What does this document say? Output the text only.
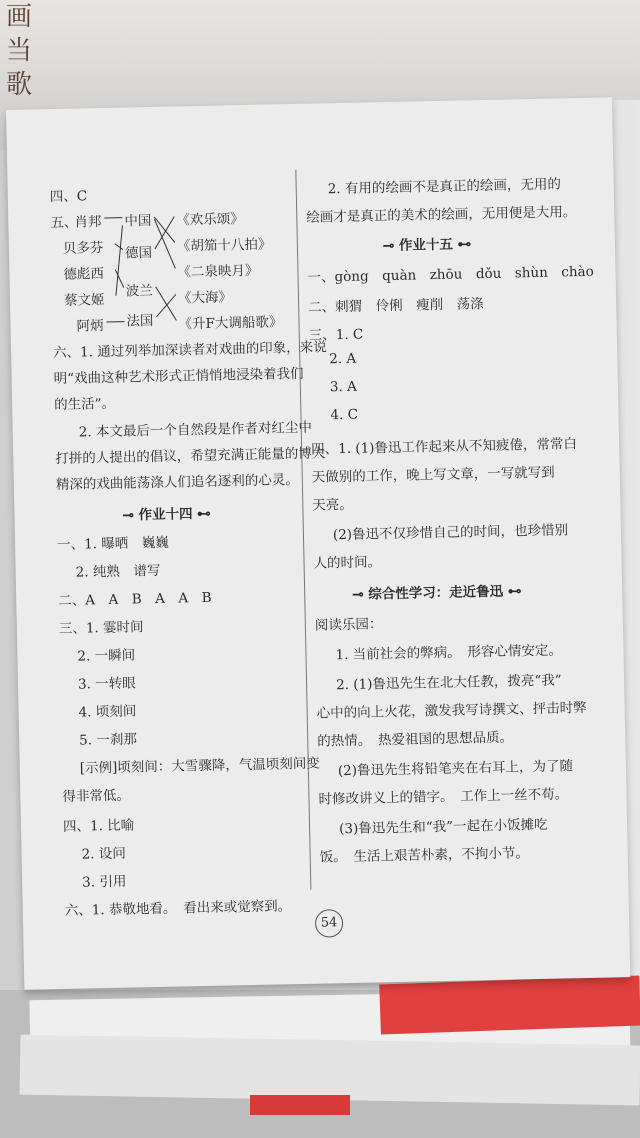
画
当
歌
四、C
五、
肖邦
贝多芬
德彪西
蔡文姬
阿炳
中国
德国
波兰
法国
《欢乐颂》
《胡笳十八拍》
《二泉映月》
《大海》
《升F大调船歌》
六、1. 通过列举加深读者对戏曲的印象，来说
明“戏曲这种艺术形式正悄悄地浸染着我们
的生活”。
2. 本文最后一个自然段是作者对红尘中
打拼的人提出的倡议，希望充满正能量的博大
精深的戏曲能荡涤人们追名逐利的心灵。
⊸ 作业十四 ⊷
一、1. 曝晒　巍巍
2. 纯熟　谱写
二、A　A　B　A　A　B
三、1. 霎时间
2. 一瞬间
3. 一转眼
4. 顷刻间
5. 一刹那
[示例]顷刻间：大雪骤降，气温顷刻间变
得非常低。
四、1. 比喻
2. 设问
3. 引用
六、1. 恭敬地看。　看出来或觉察到。
2. 有用的绘画不是真正的绘画，无用的
绘画才是真正的美术的绘画，无用便是大用。
⊸ 作业十五 ⊷
一、gòng　quàn　zhōu　dǒu　shùn　chào
二、刺猬　伶俐　瘦削　荡涤
三、1. C
2. A
3. A
4. C
四、1. (1)鲁迅工作起来从不知疲倦，常常白
天做别的工作，晚上写文章，一写就写到
天亮。
(2)鲁迅不仅珍惜自己的时间，也珍惜别
人的时间。
⊸ 综合性学习：走近鲁迅 ⊷
阅读乐园：
1. 当前社会的弊病。　形容心情安定。
2. (1)鲁迅先生在北大任教，拨亮“我”
心中的向上火花，激发我写诗撰文、抨击时弊
的热情。　热爱祖国的思想品质。
(2)鲁迅先生将铅笔夹在右耳上，为了随
时修改讲义上的错字。　工作上一丝不苟。
(3)鲁迅先生和“我”一起在小饭摊吃
饭。　生活上艰苦朴素，不拘小节。
54
